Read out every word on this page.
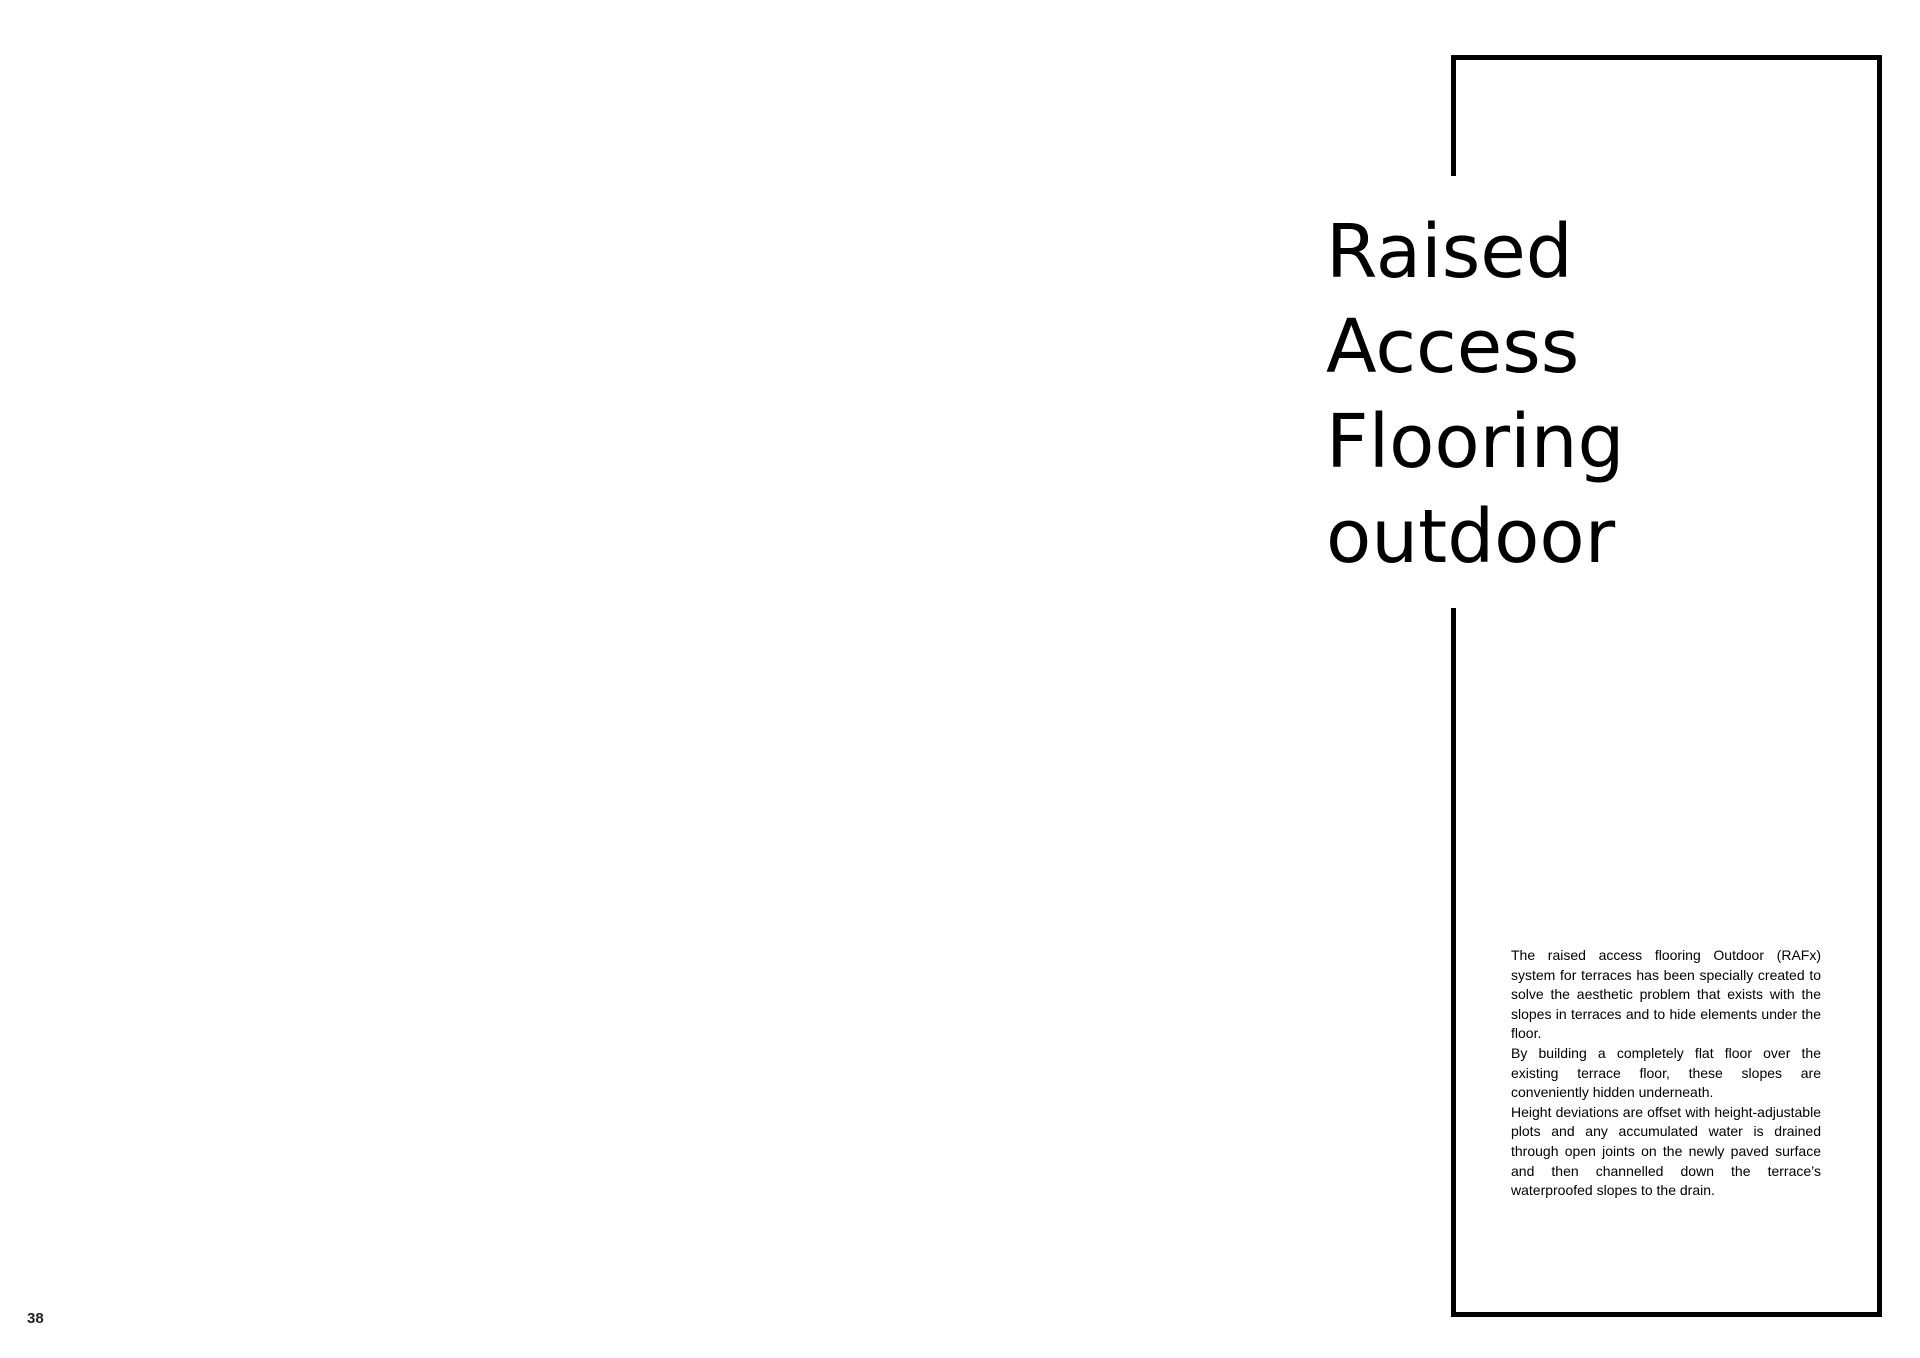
Raised
Access
Flooring
outdoor

The raised access flooring Outdoor (RAFx) system for terraces has been specially created to solve the aesthetic problem that exists with the slopes in terraces and to hide elements under the floor.

By building a completely flat floor over the existing terrace floor, these slopes are conveniently hidden underneath.

Height deviations are offset with height-adjustable plots and any accumulated water is drained through open joints on the newly paved surface and then channelled down the terrace’s waterproofed slopes to the drain.

38
